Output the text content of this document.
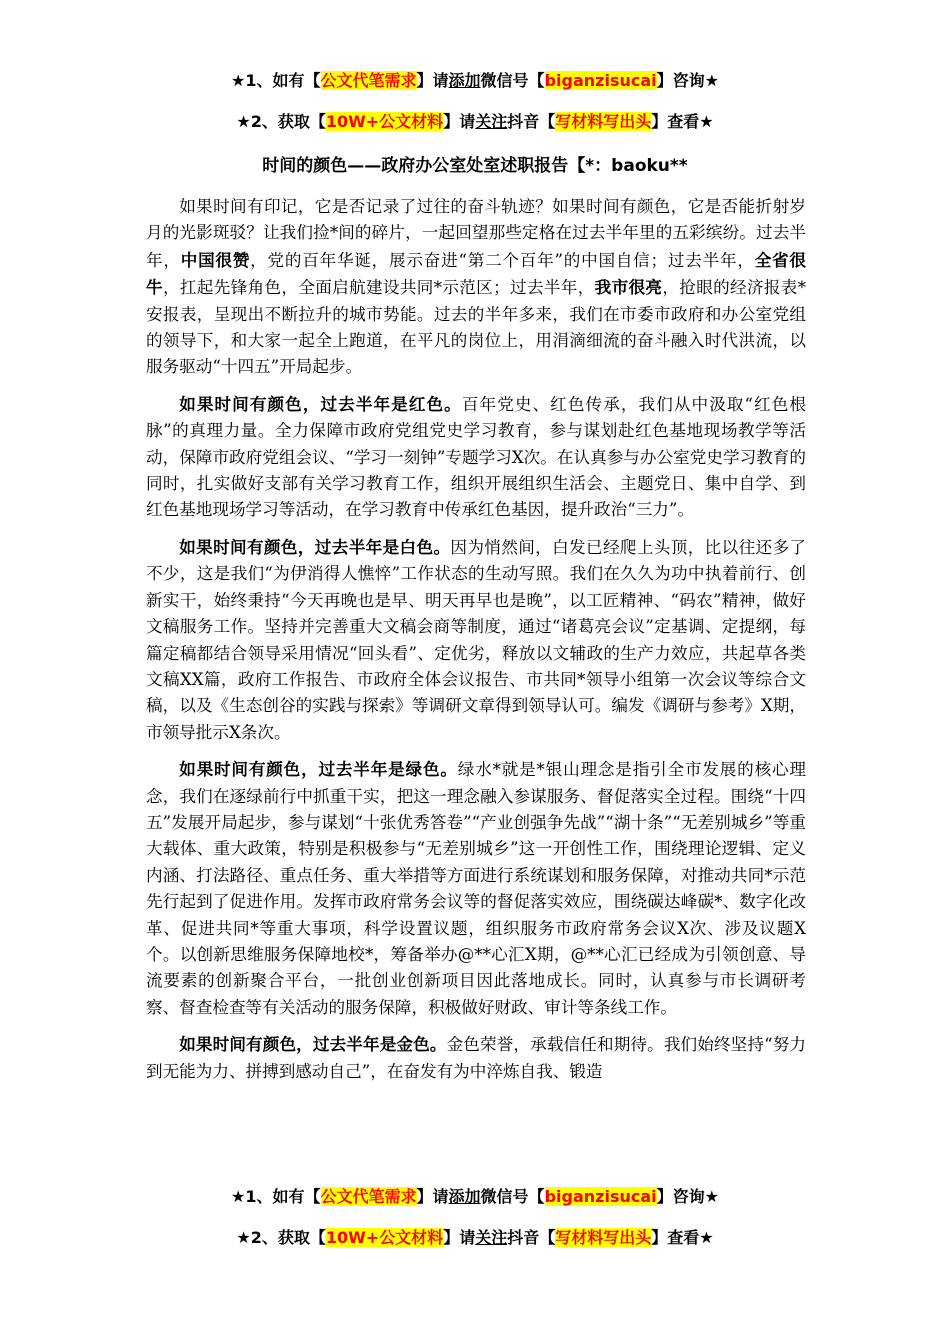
★1、如有【公文代笔需求】请添加微信号【biganzisucai】咨询★
★2、获取【10W+公文材料】请关注抖音【写材料写出头】查看★
时间的颜色——政府办公室处室述职报告【*：baoku**

如果时间有印记，它是否记录了过往的奋斗轨迹？如果时间有颜色，它是否能折射岁月的光影斑驳？让我们捡*间的碎片，一起回望那些定格在过去半年里的五彩缤纷。过去半年，中国很赞，党的百年华诞，展示奋进“第二个百年”的中国自信；过去半年，全省很牛，扛起先锋角色，全面启航建设共同*示范区；过去半年，我市很亮，抢眼的经济报表*安报表，呈现出不断拉升的城市势能。过去的半年多来，我们在市委市政府和办公室党组的领导下，和大家一起全上跑道，在平凡的岗位上，用涓滴细流的奋斗融入时代洪流，以服务驱动“十四五”开局起步。

如果时间有颜色，过去半年是红色。百年党史、红色传承，我们从中汲取“红色根脉”的真理力量。全力保障市政府党组党史学习教育，参与谋划赴红色基地现场教学等活动，保障市政府党组会议、“学习一刻钟”专题学习X次。在认真参与办公室党史学习教育的同时，扎实做好支部有关学习教育工作，组织开展组织生活会、主题党日、集中自学、到红色基地现场学习等活动，在学习教育中传承红色基因，提升政治“三力”。

如果时间有颜色，过去半年是白色。因为悄然间，白发已经爬上头顶，比以往还多了不少，这是我们“为伊消得人憔悴”工作状态的生动写照。我们在久久为功中执着前行、创新实干，始终秉持“今天再晚也是早、明天再早也是晚”，以工匠精神、“码农”精神，做好文稿服务工作。坚持并完善重大文稿会商等制度，通过“诸葛亮会议”定基调、定提纲，每篇定稿都结合领导采用情况“回头看”、定优劣，释放以文辅政的生产力效应，共起草各类文稿XX篇，政府工作报告、市政府全体会议报告、市共同*领导小组第一次会议等综合文稿，以及《生态创谷的实践与探索》等调研文章得到领导认可。编发《调研与参考》X期，市领导批示X条次。

如果时间有颜色，过去半年是绿色。绿水*就是*银山理念是指引全市发展的核心理念，我们在逐绿前行中抓重干实，把这一理念融入参谋服务、督促落实全过程。围绕“十四五”发展开局起步，参与谋划“十张优秀答卷”“产业创强争先战”“湖十条”“无差别城乡”等重大载体、重大政策，特别是积极参与“无差别城乡”这一开创性工作，围绕理论逻辑、定义内涵、打法路径、重点任务、重大举措等方面进行系统谋划和服务保障，对推动共同*示范先行起到了促进作用。发挥市政府常务会议等的督促落实效应，围绕碳达峰碳*、数字化改革、促进共同*等重大事项，科学设置议题，组织服务市政府常务会议X次、涉及议题X个。以创新思维服务保障地校*，筹备举办@**心汇X期，@**心汇已经成为引领创意、导流要素的创新聚合平台，一批创业创新项目因此落地成长。同时，认真参与市长调研考察、督查检查等有关活动的服务保障，积极做好财政、审计等条线工作。

如果时间有颜色，过去半年是金色。金色荣誉，承载信任和期待。我们始终坚持“努力到无能为力、拼搏到感动自己”，在奋发有为中淬炼自我、锻造

★1、如有【公文代笔需求】请添加微信号【biganzisucai】咨询★
★2、获取【10W+公文材料】请关注抖音【写材料写出头】查看★
